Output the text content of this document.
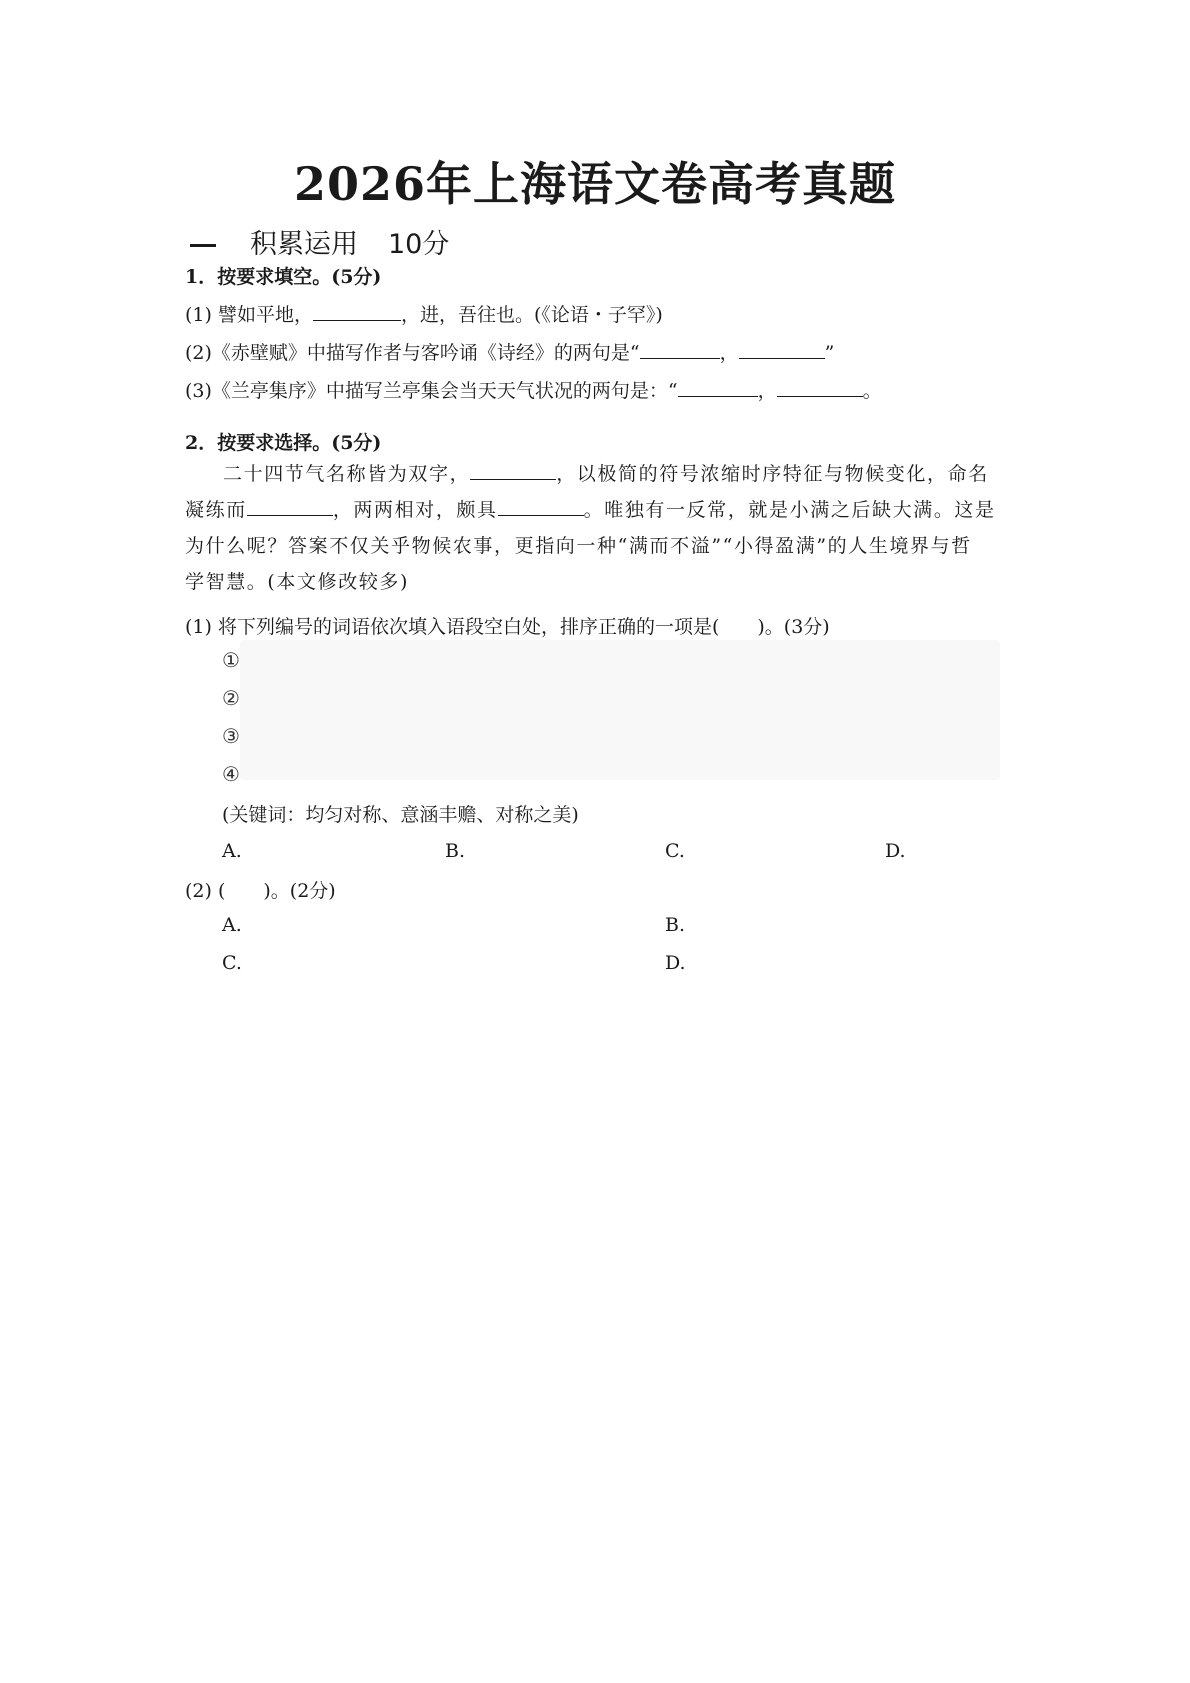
2026年上海语文卷高考真题
积累运用 10分
1．按要求填空。(5分)
(1) 譬如平地，	，进，吾往也。(《论语・子罕》)
(2)《赤壁赋》中描写作者与客吟诵《诗经》的两句是“	，	”
(3)《兰亭集序》中描写兰亭集会当天天气状况的两句是：“	，	。
2．按要求选择。(5分)
二十四节气名称皆为双字，	，以极简的符号浓缩时序特征与物候变化，命名
凝练而	，两两相对，颇具	。唯独有一反常，就是小满之后缺大满。这是
为什么呢？答案不仅关乎物候农事，更指向一种“满而不溢”“小得盈满”的人生境界与哲
学智慧。(本文修改较多)
(1) 将下列编号的词语依次填入语段空白处，排序正确的一项是(　　)。(3分)
①
②
③
④
(关键词：均匀对称、意涵丰赡、对称之美)
A.	B.	C.	D.
(2) (　　)。(2分)
A.	B.
C.	D.
